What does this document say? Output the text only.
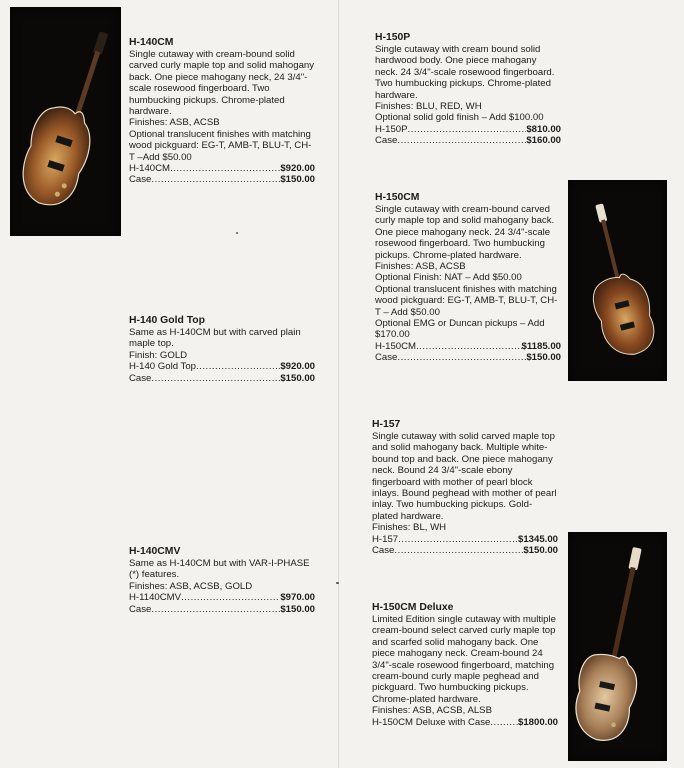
H-140CM
Single cutaway with cream-bound solid carved curly maple top and solid mahogany back. One piece mahogany neck, 24 3/4"-scale rosewood fingerboard. Two humbucking pickups. Chrome-plated hardware.
Finishes: ASB, ACSB
Optional translucent finishes with matching wood pickguard: EG-T, AMB-T, BLU-T, CH-T –Add $50.00
H-140CM .....	$920.00
Case .....	$150.00
H-140 Gold Top
Same as H-140CM but with carved plain maple top.
Finish: GOLD
H-140 Gold Top .....	$920.00
Case .....	$150.00
H-140CMV
Same as H-140CM but with VAR-I-PHASE (*) features.
Finishes: ASB, ACSB, GOLD
H-1140CMV .....	$970.00
Case .....	$150.00
H-150P
Single cutaway with cream bound solid hardwood body. One piece mahogany neck. 24 3/4"-scale rosewood fingerboard. Two humbucking pickups. Chrome-plated hardware.
Finishes: BLU, RED, WH
Optional solid gold finish – Add $100.00
H-150P .....	$810.00
Case .....	$160.00
H-150CM
Single cutaway with cream-bound carved curly maple top and solid mahogany back. One piece mahogany neck. 24 3/4"-scale rosewood fingerboard. Two humbucking pickups. Chrome-plated hardware.
Finishes: ASB, ACSB
Optional Finish: NAT – Add $50.00
Optional translucent finishes with matching wood pickguard: EG-T, AMB-T, BLU-T, CH-T – Add $50.00
Optional EMG or Duncan pickups – Add $170.00
H-150CM .....	$1185.00
Case .....	$150.00
H-157
Single cutaway with solid carved maple top and solid mahogany back. Multiple white-bound top and back. One piece mahogany neck. Bound 24 3/4"-scale ebony fingerboard with mother of pearl block inlays. Bound peghead with mother of pearl inlay. Two humbucking pickups. Gold-plated hardware.
Finishes: BL, WH
H-157 .....	$1345.00
Case .....	$150.00
H-150CM Deluxe
Limited Edition single cutaway with multiple cream-bound select carved curly maple top and scarfed solid mahogany back. One piece mahogany neck. Cream-bound 24 3/4"-scale rosewood fingerboard, matching cream-bound curly maple peghead and pickguard. Two humbucking pickups. Chrome-plated hardware.
Finishes: ASB, ACSB, ALSB
H-150CM Deluxe with Case .....	$1800.00
